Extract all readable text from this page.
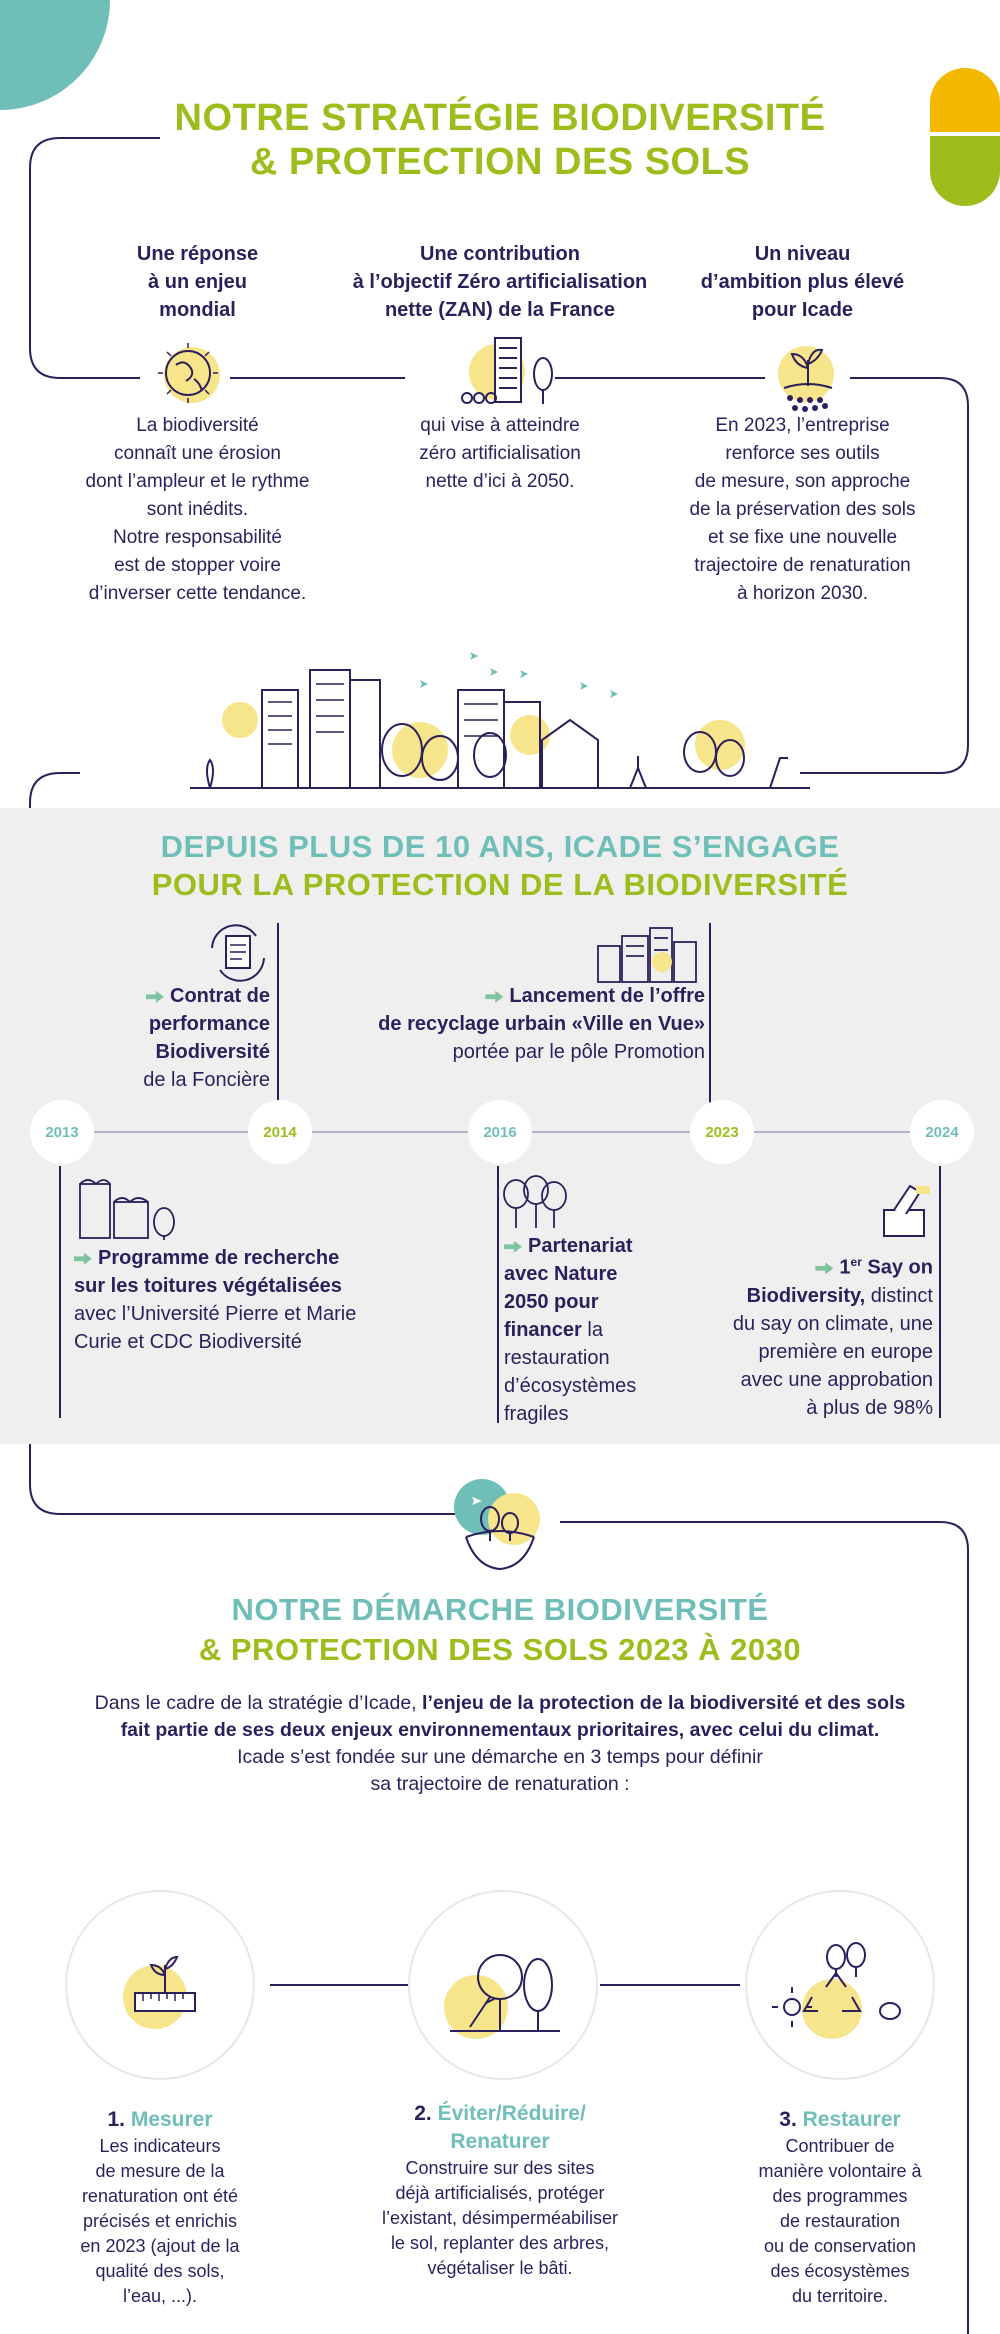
NOTRE STRATÉGIE BIODIVERSITÉ
& PROTECTION DES SOLS
Une réponse
à un enjeu
mondial
Une contribution
à l’objectif Zéro artificialisation
nette (ZAN) de la France
Un niveau
d’ambition plus élevé
pour Icade
La biodiversité
connaît une érosion
dont l’ampleur et le rythme
sont inédits.
Notre responsabilité
est de stopper voire
d’inverser cette tendance.
qui vise à atteindre
zéro artificialisation
nette d’ici à 2050.
En 2023, l’entreprise
renforce ses outils
de mesure, son approche
de la préservation des sols
et se fixe une nouvelle
trajectoire de renaturation
à horizon 2030.
DEPUIS PLUS DE 10 ANS, ICADE S’ENGAGE
POUR LA PROTECTION DE LA BIODIVERSITÉ
2013	2014	2016	2023	2024
Contrat de
performance
Biodiversité
de la Foncière
Lancement de l’offre
de recyclage urbain «Ville en Vue»
portée par le pôle Promotion
Programme de recherche
sur les toitures végétalisées
avec l’Université Pierre et Marie
Curie et CDC Biodiversité
Partenariat
avec Nature
2050 pour
financer la
restauration
d’écosystèmes
fragiles
1er Say on
Biodiversity, distinct
du say on climate, une
première en europe
avec une approbation
à plus de 98%
NOTRE DÉMARCHE BIODIVERSITÉ
& PROTECTION DES SOLS 2023 À 2030
Dans le cadre de la stratégie d’Icade, l’enjeu de la protection de la biodiversité et des sols
fait partie de ses deux enjeux environnementaux prioritaires, avec celui du climat.
Icade s’est fondée sur une démarche en 3 temps pour définir
sa trajectoire de renaturation :
1. Mesurer
Les indicateurs
de mesure de la
renaturation ont été
précisés et enrichis
en 2023 (ajout de la
qualité des sols,
l’eau, ...).
2. Éviter/Réduire/
Renaturer
Construire sur des sites
déjà artificialisés, protéger
l’existant, désimperméabiliser
le sol, replanter des arbres,
végétaliser le bâti.
3. Restaurer
Contribuer de
manière volontaire à
des programmes
de restauration
ou de conservation
des écosystèmes
du territoire.
